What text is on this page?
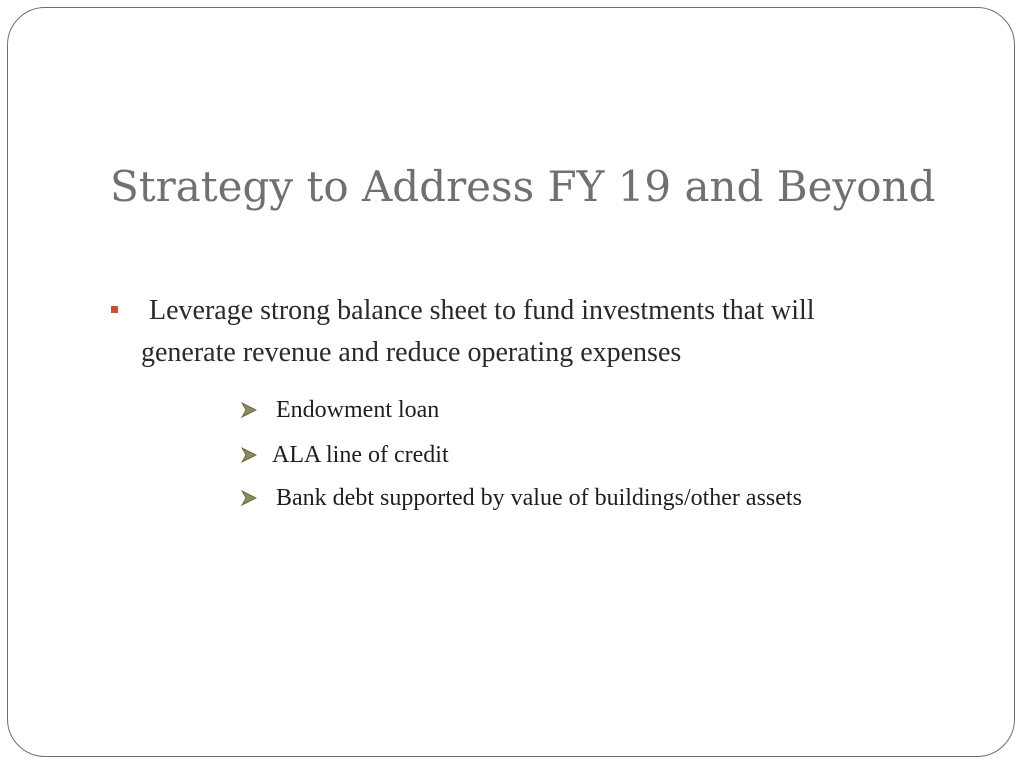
Strategy to Address FY 19 and Beyond
Leverage strong balance sheet to fund investments that will
generate revenue and reduce operating expenses
Endowment loan
ALA line of credit
Bank debt supported by value of buildings/other assets
